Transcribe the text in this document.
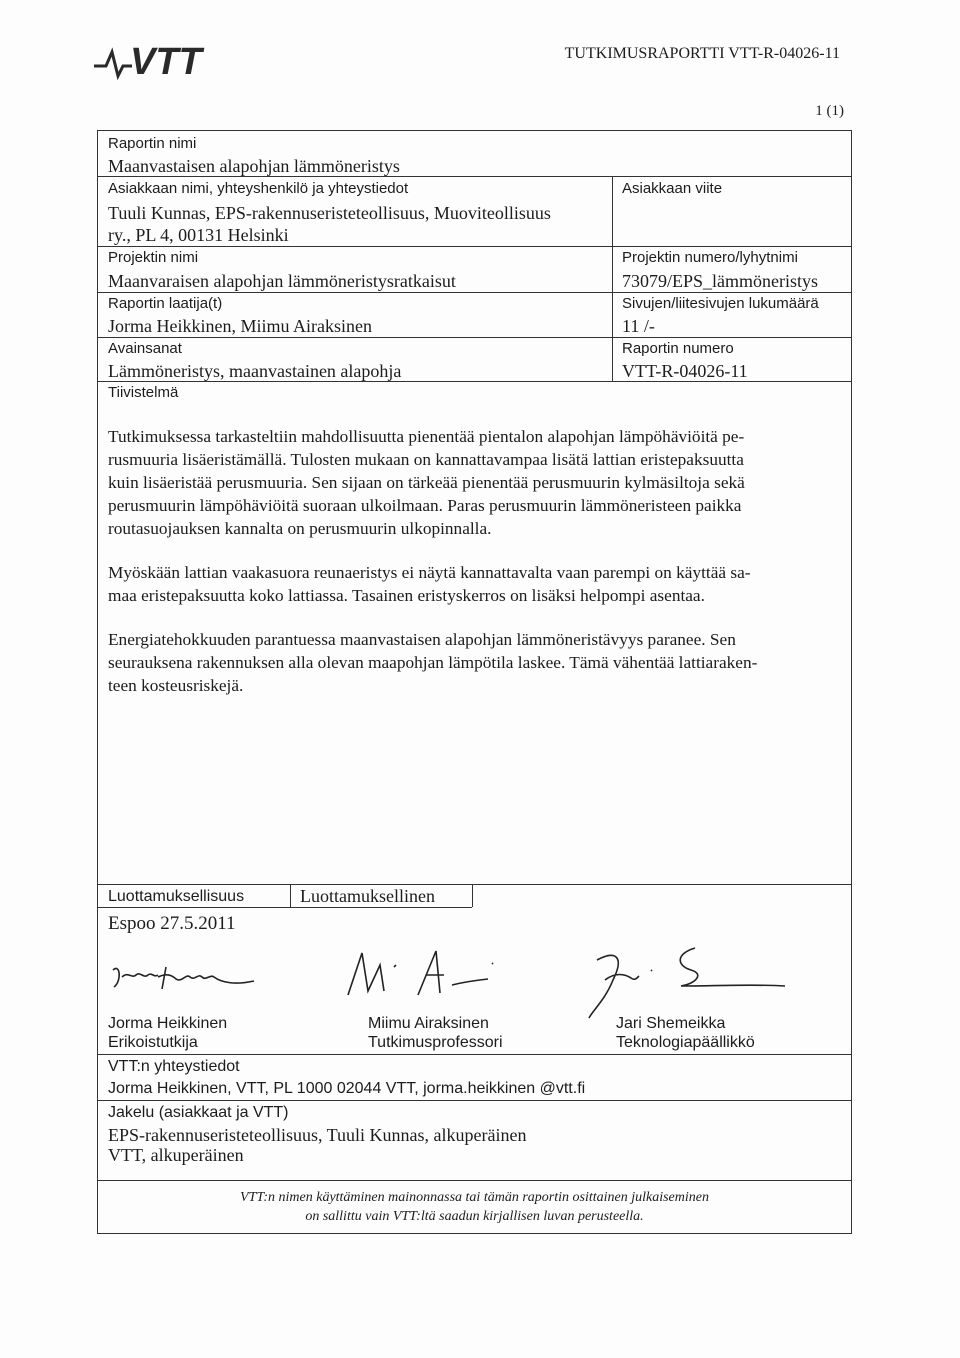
VTT	TUTKIMUSRAPORTTI VTT-R-04026-11
1 (1)
Raportin nimi
Maanvastaisen alapohjan lämmöneristys
Asiakkaan nimi, yhteyshenkilö ja yhteystiedot
Tuuli Kunnas, EPS-rakennuseristeteollisuus, Muoviteollisuus
ry., PL 4, 00131 Helsinki
Asiakkaan viite
Projektin nimi
Maanvaraisen alapohjan lämmöneristysratkaisut
Projektin numero/lyhytnimi
73079/EPS_lämmöneristys
Raportin laatija(t)
Jorma Heikkinen, Miimu Airaksinen
Sivujen/liitesivujen lukumäärä
11 /-
Avainsanat
Lämmöneristys, maanvastainen alapohja
Raportin numero
VTT-R-04026-11
Tiivistelmä

Tutkimuksessa tarkasteltiin mahdollisuutta pienentää pientalon alapohjan lämpöhäviöitä pe-
rusmuuria lisäeristämällä. Tulosten mukaan on kannattavampaa lisätä lattian eristepaksuutta
kuin lisäeristää perusmuuria. Sen sijaan on tärkeää pienentää perusmuurin kylmäsiltoja sekä
perusmuurin lämpöhäviöitä suoraan ulkoilmaan. Paras perusmuurin lämmöneristeen paikka
routasuojauksen kannalta on perusmuurin ulkopinnalla.

Myöskään lattian vaakasuora reunaeristys ei näytä kannattavalta vaan parempi on käyttää sa-
maa eristepaksuutta koko lattiassa. Tasainen eristyskerros on lisäksi helpompi asentaa.

Energiatehokkuuden parantuessa maanvastaisen alapohjan lämmöneristävyys paranee. Sen
seurauksena rakennuksen alla olevan maapohjan lämpötila laskee. Tämä vähentää lattiaraken-
teen kosteusriskejä.

Luottamuksellisuus	Luottamuksellinen
Espoo 27.5.2011
Jorma Heikkinen
Erikoistutkija
Miimu Airaksinen
Tutkimusprofessori
Jari Shemeikka
Teknologiapäällikkö
VTT:n yhteystiedot
Jorma Heikkinen, VTT, PL 1000 02044 VTT, jorma.heikkinen @vtt.fi
Jakelu (asiakkaat ja VTT)
EPS-rakennuseristeteollisuus, Tuuli Kunnas, alkuperäinen
VTT, alkuperäinen
VTT:n nimen käyttäminen mainonnassa tai tämän raportin osittainen julkaiseminen
on sallittu vain VTT:ltä saadun kirjallisen luvan perusteella.
